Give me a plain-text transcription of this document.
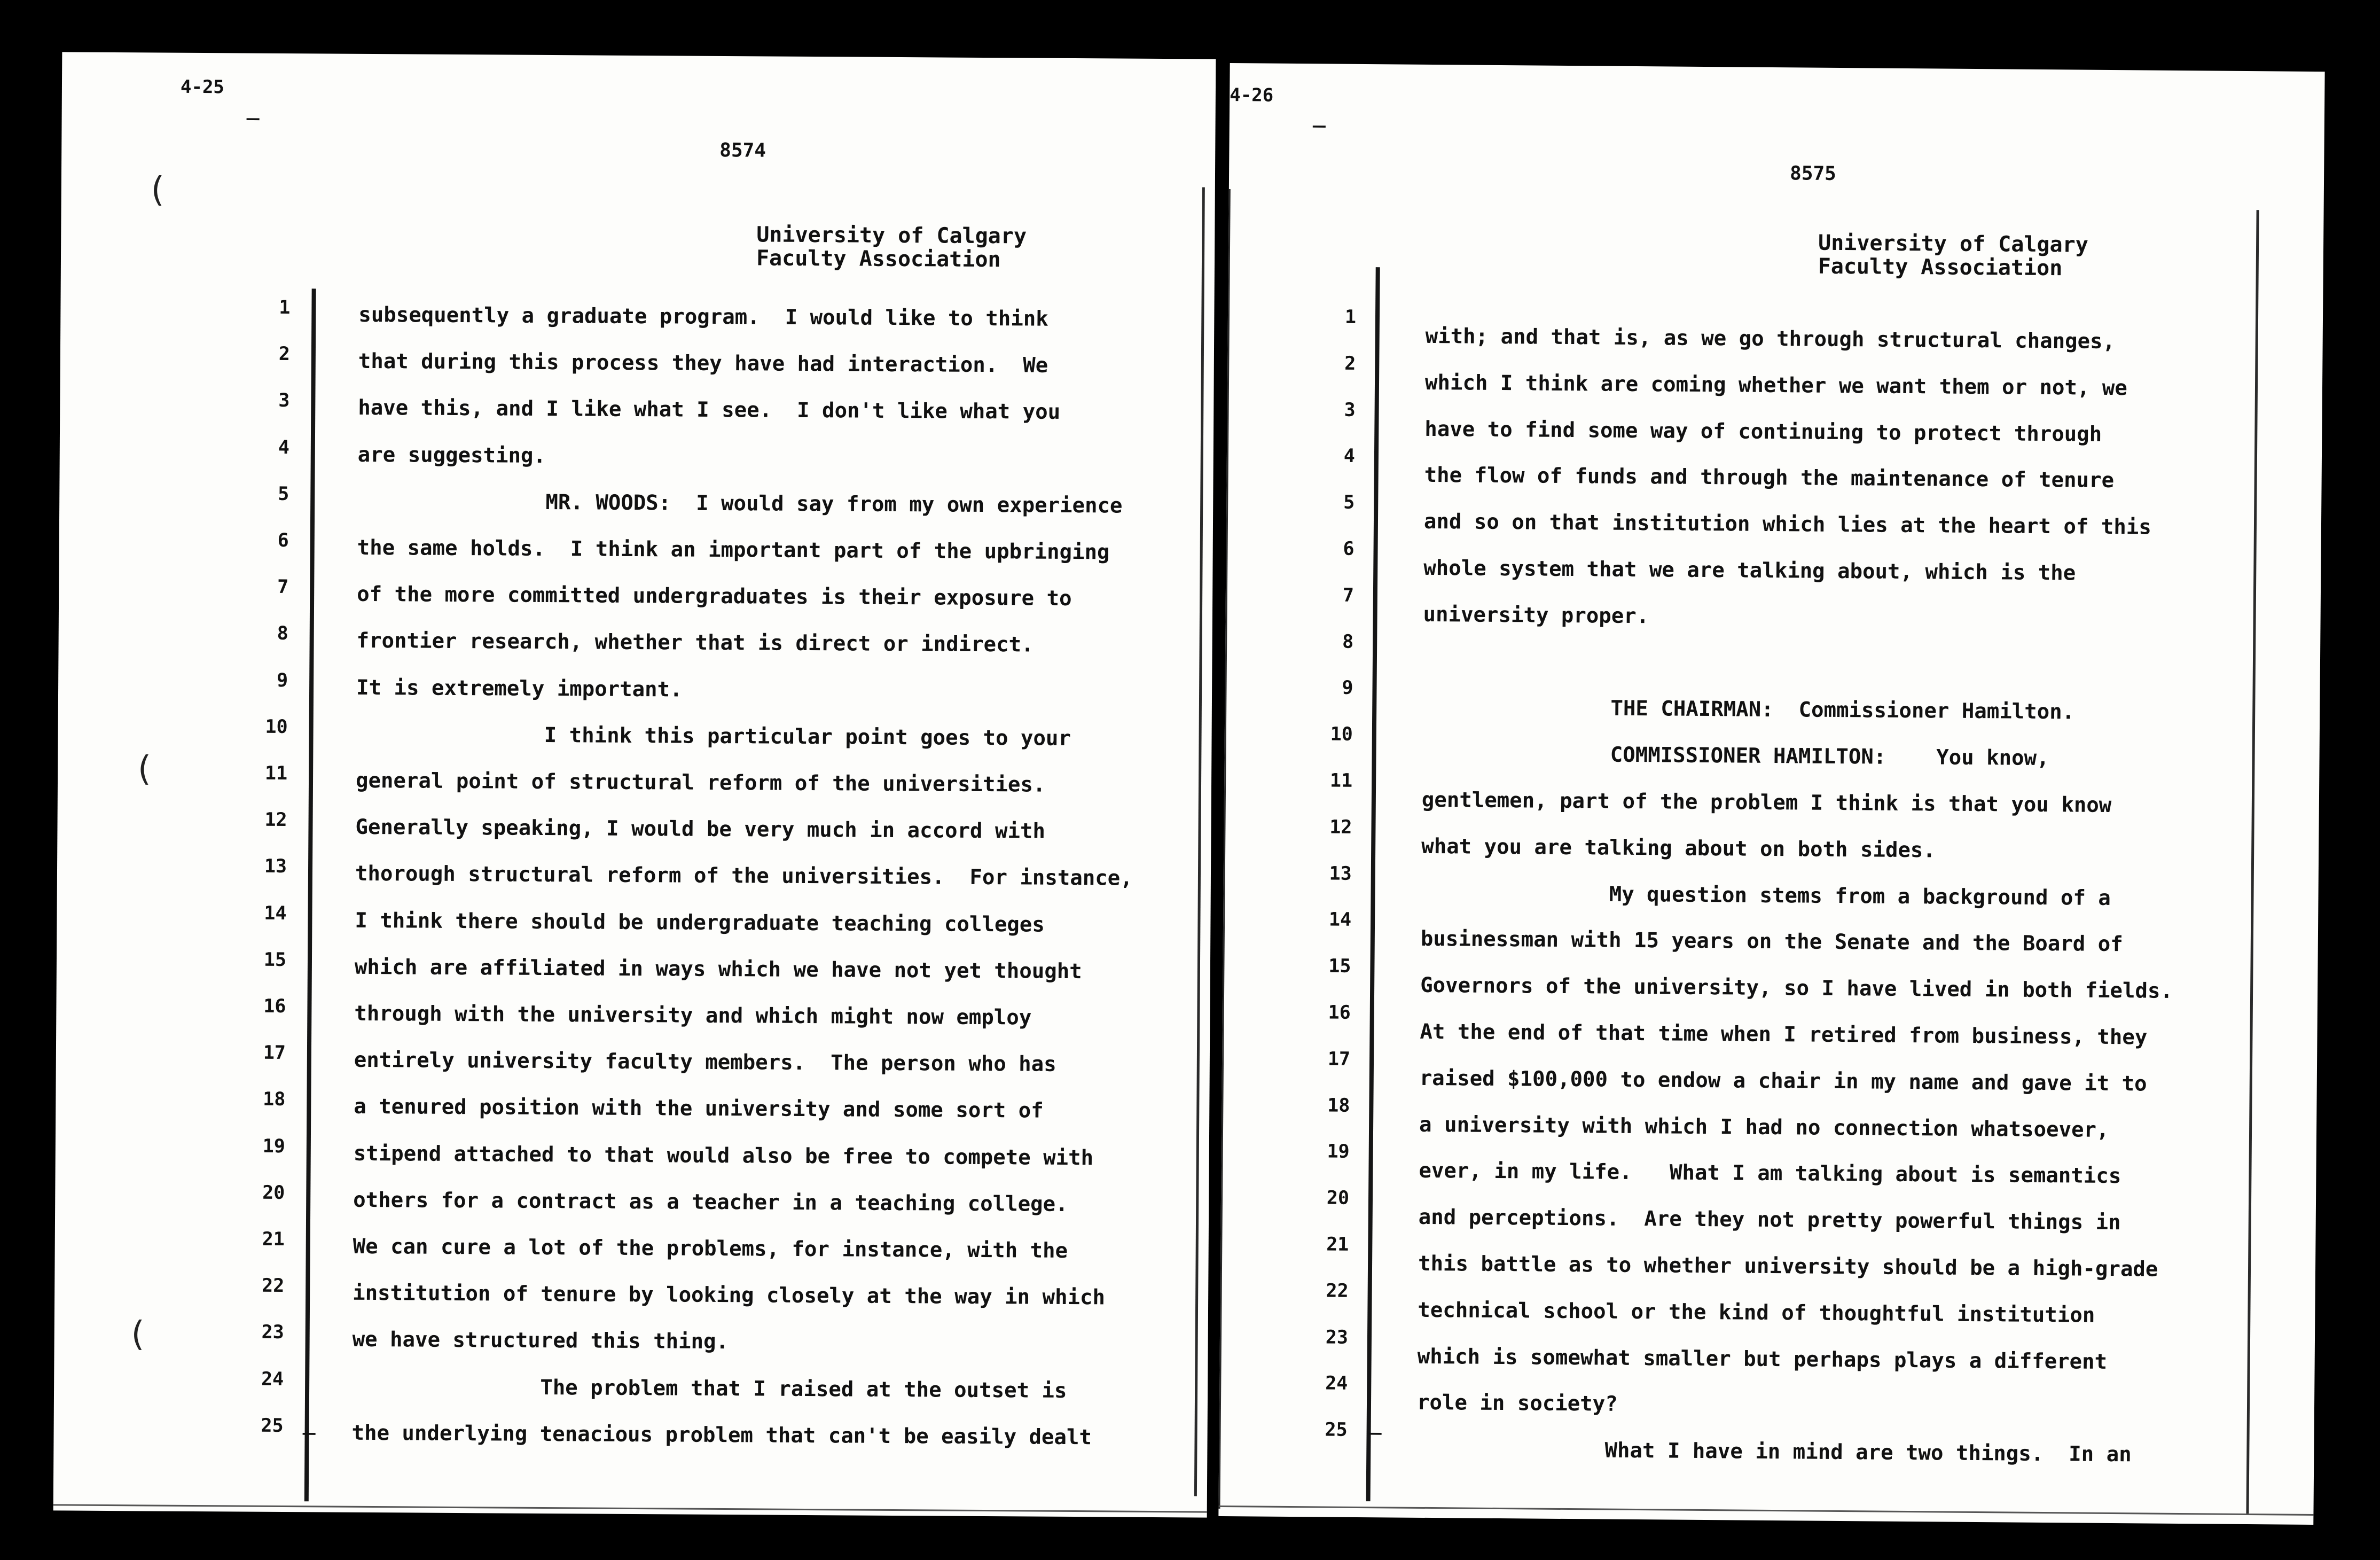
4-25
_
8574
University of Calgary
Faculty Association
(
(
(
1
2
3
4
5
6
7
8
9
10
11
12
13
14
15
16
17
18
19
20
21
22
23
24
25
subsequently a graduate program.  I would like to think
that during this process they have had interaction.  We
have this, and I like what I see.  I don't like what you
are suggesting.
MR. WOODS:  I would say from my own experience
the same holds.  I think an important part of the upbringing
of the more committed undergraduates is their exposure to
frontier research, whether that is direct or indirect.
It is extremely important.
I think this particular point goes to your
general point of structural reform of the universities.
Generally speaking, I would be very much in accord with
thorough structural reform of the universities.  For instance,
I think there should be undergraduate teaching colleges
which are affiliated in ways which we have not yet thought
through with the university and which might now employ
entirely university faculty members.  The person who has
a tenured position with the university and some sort of
stipend attached to that would also be free to compete with
others for a contract as a teacher in a teaching college.
We can cure a lot of the problems, for instance, with the
institution of tenure by looking closely at the way in which
we have structured this thing.
The problem that I raised at the outset is
the underlying tenacious problem that can't be easily dealt
_
4-26
_
8575
University of Calgary
Faculty Association
1
2
3
4
5
6
7
8
9
10
11
12
13
14
15
16
17
18
19
20
21
22
23
24
25
with; and that is, as we go through structural changes,
which I think are coming whether we want them or not, we
have to find some way of continuing to protect through
the flow of funds and through the maintenance of tenure
and so on that institution which lies at the heart of this
whole system that we are talking about, which is the
university proper.
THE CHAIRMAN:  Commissioner Hamilton.
COMMISSIONER HAMILTON:    You know,
gentlemen, part of the problem I think is that you know
what you are talking about on both sides.
My question stems from a background of a
businessman with 15 years on the Senate and the Board of
Governors of the university, so I have lived in both fields.
At the end of that time when I retired from business, they
raised $100,000 to endow a chair in my name and gave it to
a university with which I had no connection whatsoever,
ever, in my life.   What I am talking about is semantics
and perceptions.  Are they not pretty powerful things in
this battle as to whether university should be a high-grade
technical school or the kind of thoughtful institution
which is somewhat smaller but perhaps plays a different
role in society?
What I have in mind are two things.  In an
_
